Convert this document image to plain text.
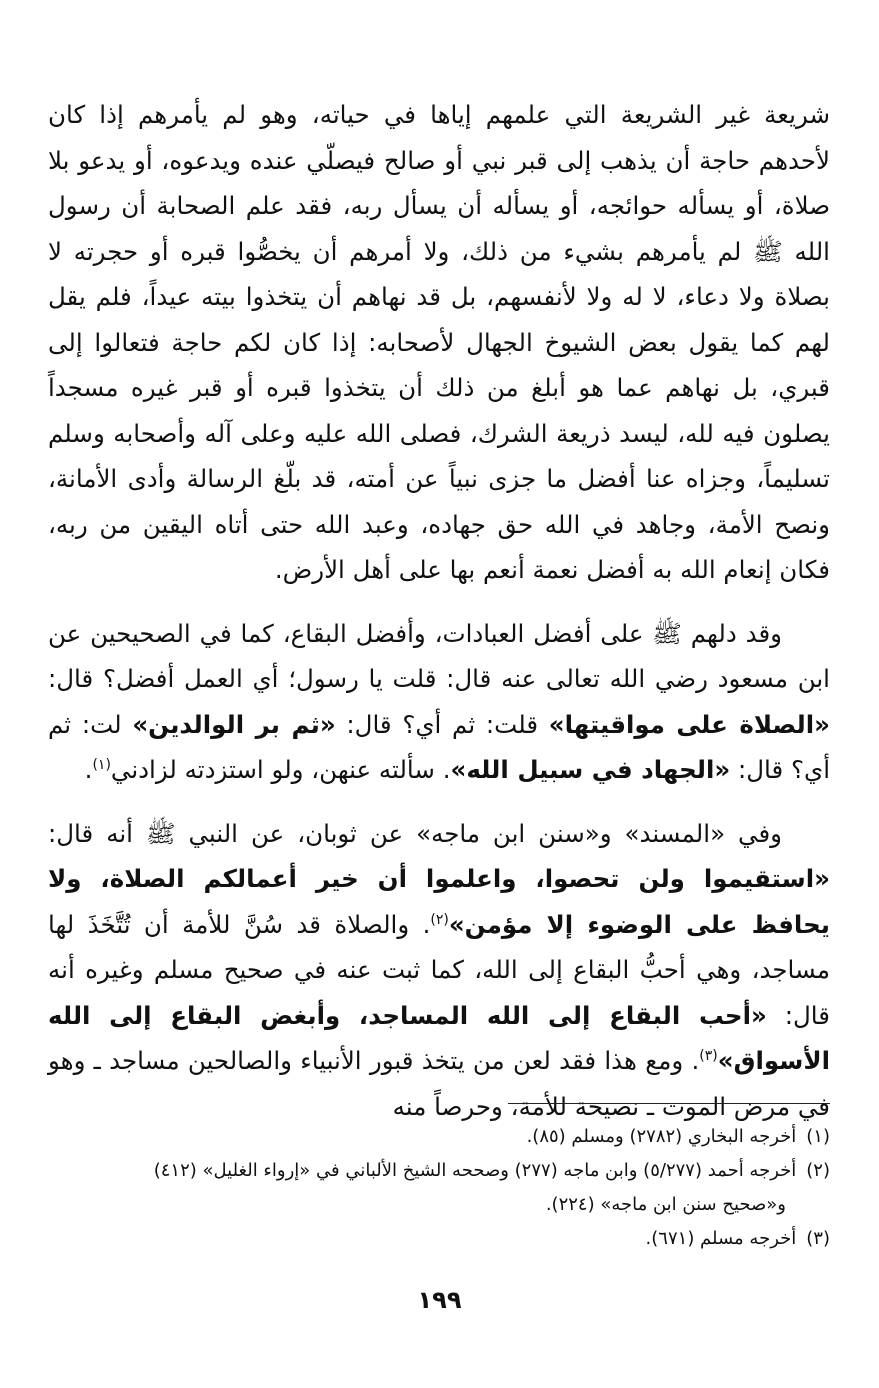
شريعة غير الشريعة التي علمهم إياها في حياته، وهو لم يأمرهم إذا كان لأحدهم حاجة أن يذهب إلى قبر نبي أو صالح فيصلّي عنده ويدعوه، أو يدعو بلا صلاة، أو يسأله حوائجه، أو يسأله أن يسأل ربه، فقد علم الصحابة أن رسول الله ﷺ لم يأمرهم بشيء من ذلك، ولا أمرهم أن يخصُّوا قبره أو حجرته لا بصلاة ولا دعاء، لا له ولا لأنفسهم، بل قد نهاهم أن يتخذوا بيته عيداً، فلم يقل لهم كما يقول بعض الشيوخ الجهال لأصحابه: إذا كان لكم حاجة فتعالوا إلى قبري، بل نهاهم عما هو أبلغ من ذلك أن يتخذوا قبره أو قبر غيره مسجداً يصلون فيه لله، ليسد ذريعة الشرك، فصلى الله عليه وعلى آله وأصحابه وسلم تسليماً، وجزاه عنا أفضل ما جزى نبياً عن أمته، قد بلّغ الرسالة وأدى الأمانة، ونصح الأمة، وجاهد في الله حق جهاده، وعبد الله حتى أتاه اليقين من ربه، فكان إنعام الله به أفضل نعمة أنعم بها على أهل الأرض.

وقد دلهم ﷺ على أفضل العبادات، وأفضل البقاع، كما في الصحيحين عن ابن مسعود رضي الله تعالى عنه قال: قلت يا رسول؛ أي العمل أفضل؟ قال: «الصلاة على مواقيتها» قلت: ثم أي؟ قال: «ثم بر الوالدين» لت: ثم أي؟ قال: «الجهاد في سبيل الله». سألته عنهن، ولو استزدته لزادني$^{(١)}$.

وفي «المسند» و«سنن ابن ماجه» عن ثوبان، عن النبي ﷺ أنه قال: «استقيموا ولن تحصوا، واعلموا أن خير أعمالكم الصلاة، ولا يحافظ على الوضوء إلا مؤمن»$^{(٢)}$. والصلاة قد سُنَّ للأمة أن تُتَّخَذَ لها مساجد، وهي أحبُّ البقاع إلى الله، كما ثبت عنه في صحيح مسلم وغيره أنه قال: «أحب البقاع إلى الله المساجد، وأبغض البقاع إلى الله الأسواق»$^{(٣)}$. ومع هذا فقد لعن من يتخذ قبور الأنبياء والصالحين مساجد ـ وهو في مرض الموت ـ نصيحة للأمة، وحرصاً منه

(١)أخرجه البخاري (٢٧٨٢) ومسلم (٨٥).

(٢)أخرجه أحمد (٥/٢٧٧) وابن ماجه (٢٧٧) وصححه الشيخ الألباني في «إرواء الغليل» (٤١٢)

و«صحيح سنن ابن ماجه» (٢٢٤).

(٣)أخرجه مسلم (٦٧١).

١٩٩
